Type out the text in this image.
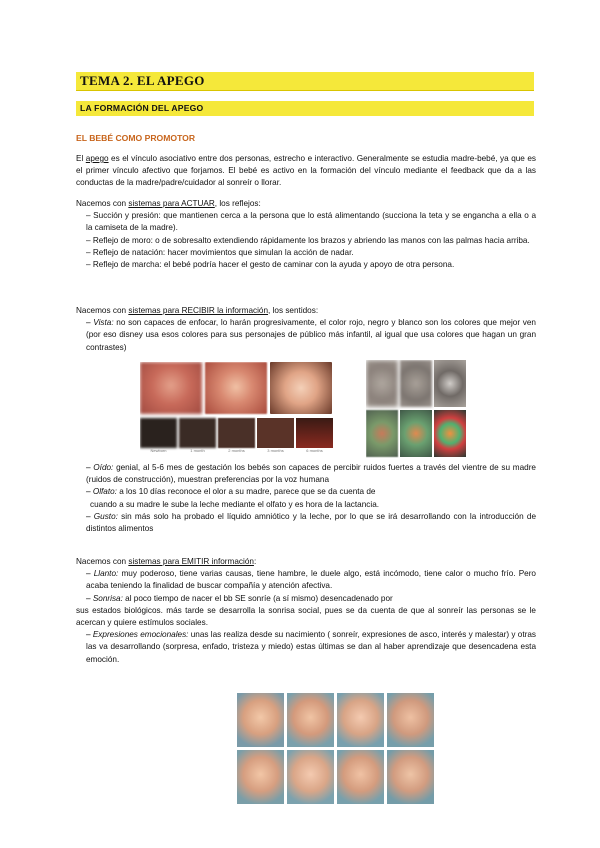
TEMA 2. EL APEGO
LA FORMACIÓN DEL APEGO
EL BEBÉ COMO PROMOTOR
El apego es el vínculo asociativo entre dos personas, estrecho e interactivo. Generalmente se estudia madre-bebé, ya que es el primer vínculo afectivo que forjamos. El bebé es activo en la formación del vínculo mediante el feedback que da a las conductas de la madre/padre/cuidador al sonreír o llorar.

Nacemos con sistemas para ACTUAR, los reflejos:

– Succión y presión: que mantienen cerca a la persona que lo está alimentando (succiona la teta y se engancha a ella o a la camiseta de la madre).

– Reflejo de moro: o de sobresalto extendiendo rápidamente los brazos y abriendo las manos con las palmas hacia arriba.

– Reflejo de natación: hacer movimientos que simulan la acción de nadar.

– Reflejo de marcha: el bebé podría hacer el gesto de caminar con la ayuda y apoyo de otra persona.

Nacemos con sistemas para RECIBIR la información, los sentidos:

– Vista: no son capaces de enfocar, lo harán progresivamente, el color rojo, negro y blanco son los colores que mejor ven (por eso disney usa esos colores para sus personajes de público más infantil, al igual que usa colores que hagan un gran contrastes)

Newborn	1 month	2 months	3 months	6 months

– Oído: genial, al 5-6 mes de gestación los bebés son capaces de percibir ruidos fuertes a través del vientre de su madre (ruidos de construcción), muestran preferencias por la voz humana

– Olfato: a los 10 días reconoce el olor a su madre, parece que se da cuenta de

cuando a su madre le sube la leche mediante el olfato y es hora de la lactancia.

– Gusto: sin más solo ha probado el líquido amniótico y la leche, por lo que se irá desarrollando con la introducción de distintos alimentos

Nacemos con sistemas para EMITIR información:

– Llanto: muy poderoso, tiene varias causas, tiene hambre, le duele algo, está incómodo, tiene calor o mucho frío. Pero acaba teniendo la finalidad de buscar compañía y atención afectiva.

– Sonrisa: al poco tiempo de nacer el bb SE sonríe (a sí mismo) desencadenado por

sus estados biológicos. más tarde se desarrolla la sonrisa social, pues se da cuenta de que al sonreír las personas se le acercan y quiere estímulos sociales.

– Expresiones emocionales: unas las realiza desde su nacimiento ( sonreír, expresiones de asco, interés y malestar) y otras las va desarrollando (sorpresa, enfado, tristeza y miedo) estas últimas se dan al haber aprendizaje que desencadena esta emoción.
